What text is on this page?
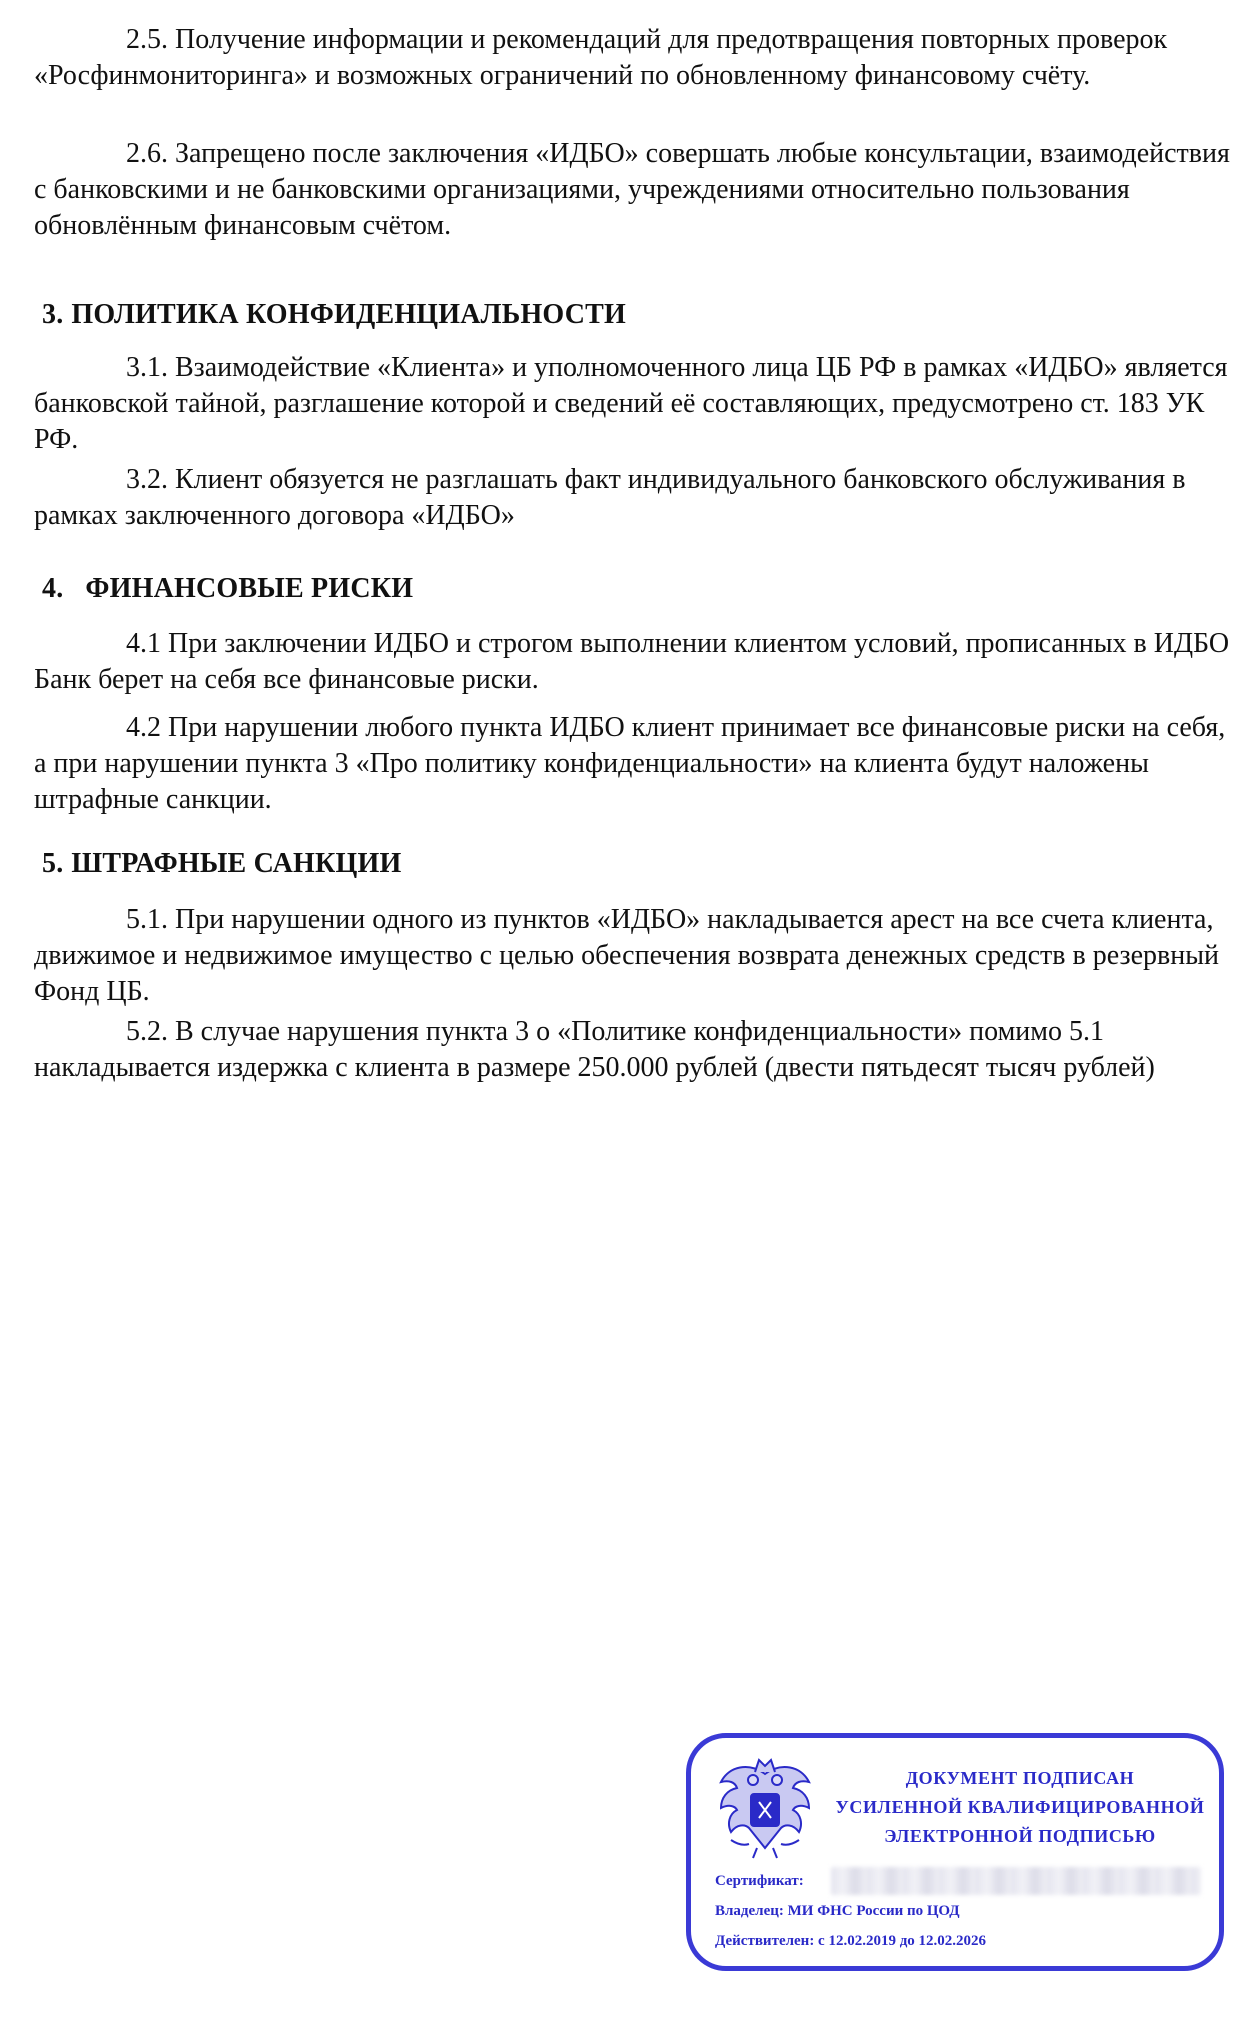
2.5. Получение информации и рекомендаций для предотвращения повторных проверок «Росфинмониторинга» и возможных ограничений по обновленному финансовому счёту.

2.6. Запрещено после заключения «ИДБО» совершать любые консультации, взаимодействия с банковскими и не банковскими организациями, учреждениями относительно пользования обновлённым финансовым счётом.

3. ПОЛИТИКА КОНФИДЕНЦИАЛЬНОСТИ

3.1. Взаимодействие «Клиента» и уполномоченного лица ЦБ РФ в рамках «ИДБО» является банковской тайной, разглашение которой и сведений её составляющих, предусмотрено ст. 183 УК РФ.

3.2. Клиент обязуется не разглашать факт индивидуального банковского обслуживания в рамках заключенного договора «ИДБО»

4. ФИНАНСОВЫЕ РИСКИ

4.1 При заключении ИДБО и строгом выполнении клиентом условий, прописанных в ИДБО Банк берет на себя все финансовые риски.

4.2 При нарушении любого пункта ИДБО клиент принимает все финансовые риски на себя, а при нарушении пункта 3 «Про политику конфиденциальности» на клиента будут наложены штрафные санкции.

5. ШТРАФНЫЕ САНКЦИИ

5.1. При нарушении одного из пунктов «ИДБО» накладывается арест на все счета клиента, движимое и недвижимое имущество с целью обеспечения возврата денежных средств в резервный Фонд ЦБ.

5.2. В случае нарушения пункта 3 о «Политике конфиденциальности» помимо 5.1 накладывается издержка с клиента в размере 250.000 рублей (двести пятьдесят тысяч рублей)

ДОКУМЕНТ ПОДПИСАН
УСИЛЕННОЙ КВАЛИФИЦИРОВАННОЙ
ЭЛЕКТРОННОЙ ПОДПИСЬЮ
Сертификат:
Владелец: МИ ФНС России по ЦОД
Действителен: с 12.02.2019 до 12.02.2026
